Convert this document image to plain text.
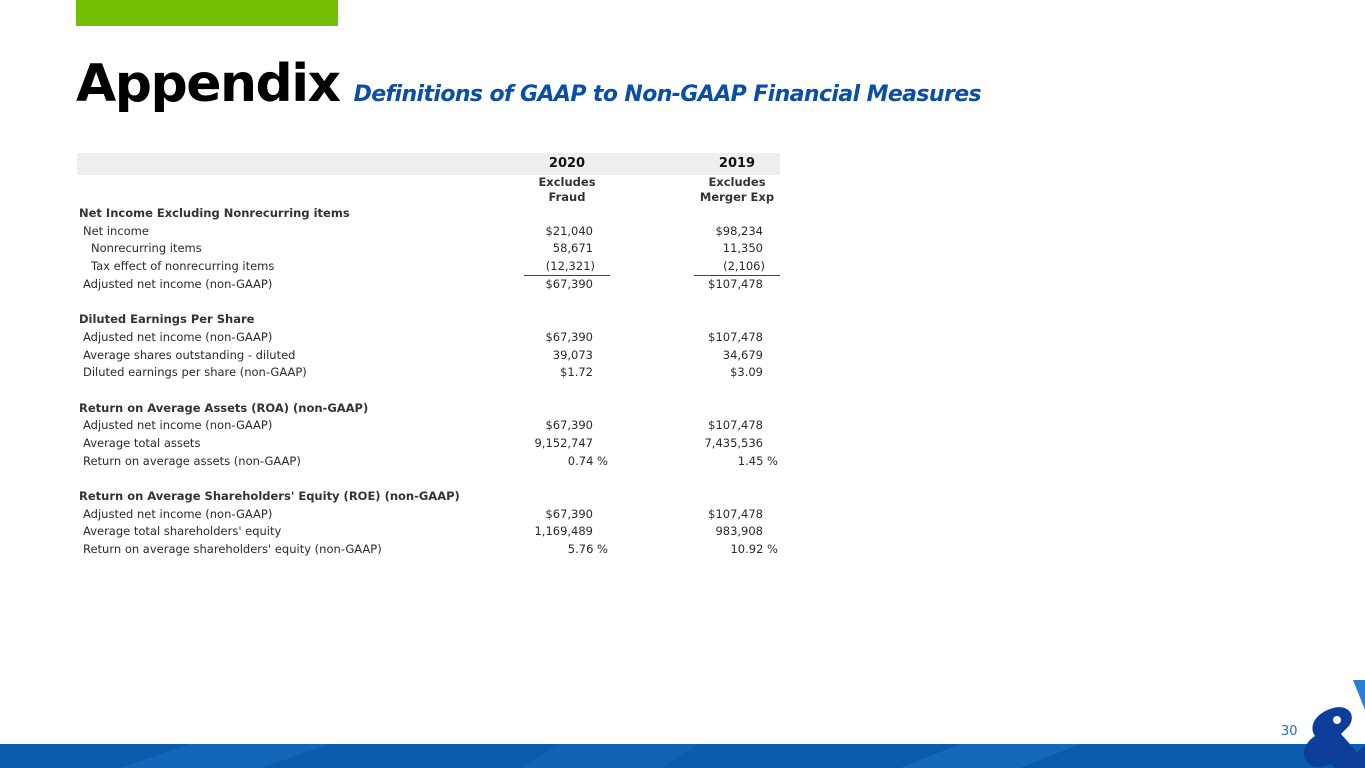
Appendix Definitions of GAAP to Non-GAAP Financial Measures
2020	2019
Excludes	Excludes
Fraud	Merger Exp
Net Income Excluding Nonrecurring items
Net income	$21,040	$98,234
Nonrecurring items	58,671	11,350
Tax effect of nonrecurring items	(12,321)	(2,106)
Adjusted net income (non-GAAP)	$67,390	$107,478
Diluted Earnings Per Share
Adjusted net income (non-GAAP)	$67,390	$107,478
Average shares outstanding - diluted	39,073	34,679
Diluted earnings per share (non-GAAP)	$1.72	$3.09
Return on Average Assets (ROA) (non-GAAP)
Adjusted net income (non-GAAP)	$67,390	$107,478
Average total assets	9,152,747	7,435,536
Return on average assets (non-GAAP)	0.74 %	1.45 %
Return on Average Shareholders' Equity (ROE) (non-GAAP)
Adjusted net income (non-GAAP)	$67,390	$107,478
Average total shareholders' equity	1,169,489	983,908
Return on average shareholders' equity (non-GAAP)	5.76 %	10.92 %
30
